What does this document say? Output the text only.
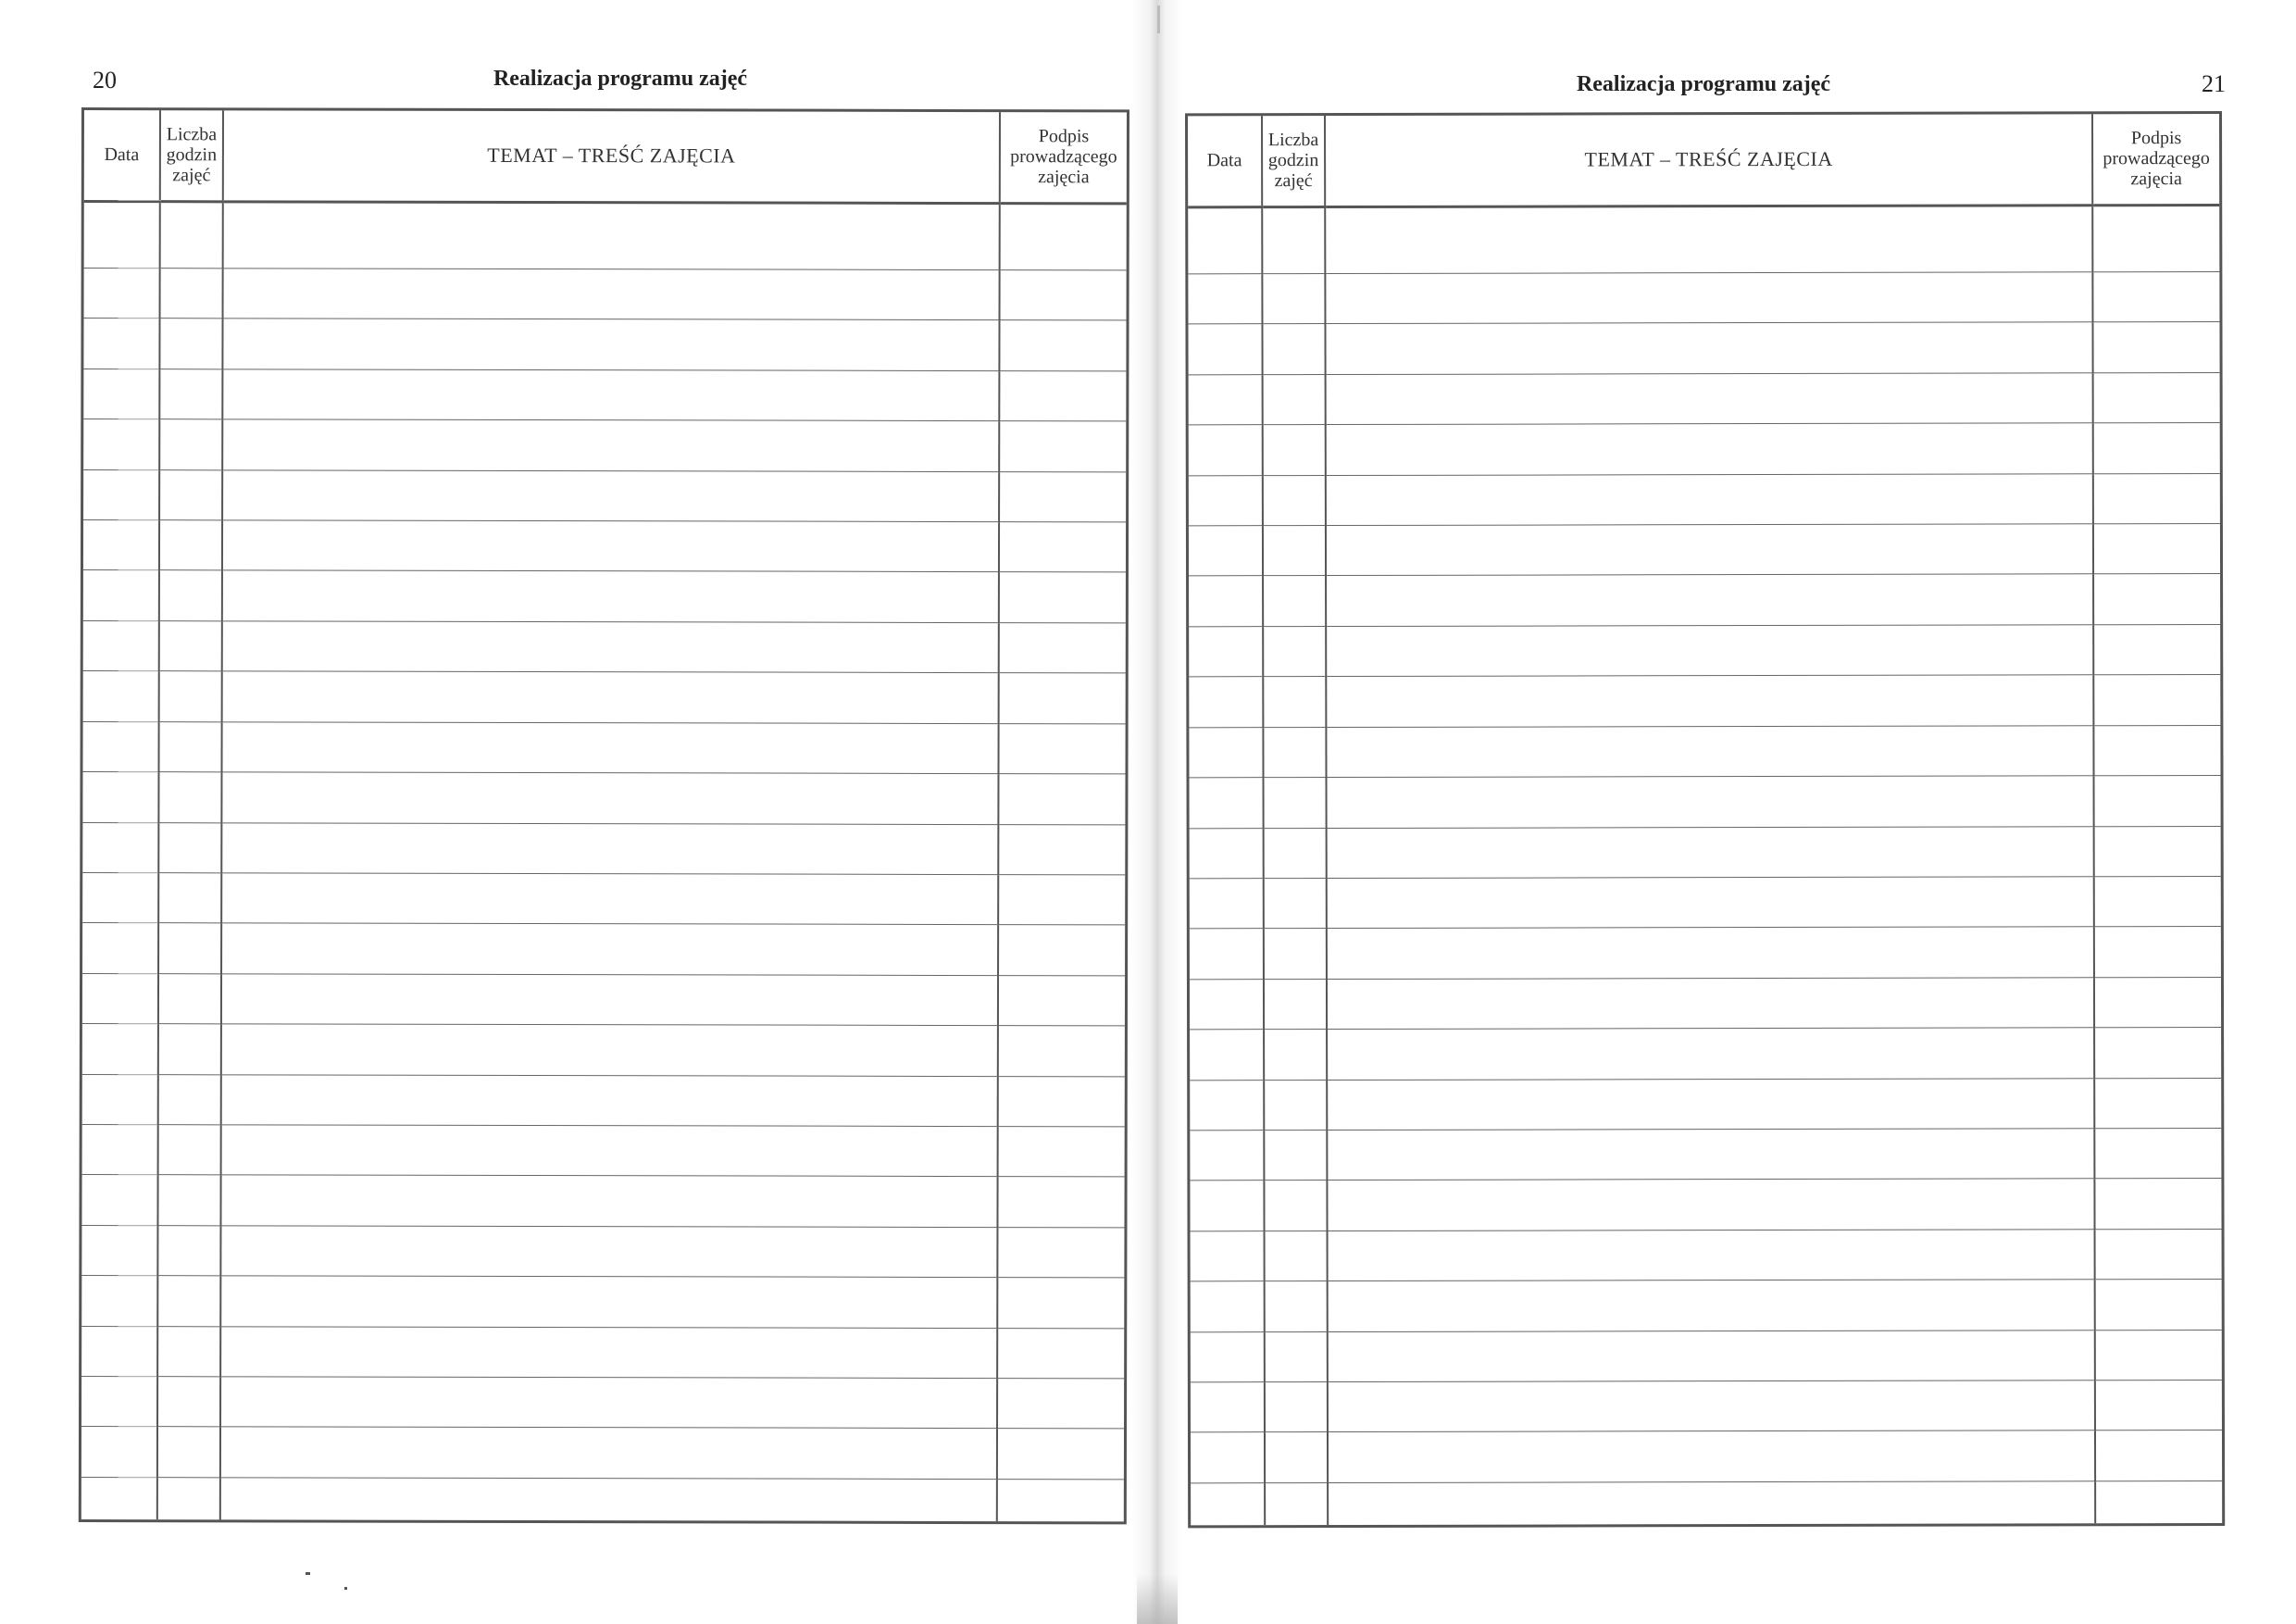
20	Realizacja programu zajęć
Data	Liczba godzin zajęć	TEMAT – TREŚĆ ZAJĘCIA	Podpis prowadzącego zajęcia

Realizacja programu zajęć	21
Data	Liczba godzin zajęć	TEMAT – TREŚĆ ZAJĘCIA	Podpis prowadzącego zajęcia
